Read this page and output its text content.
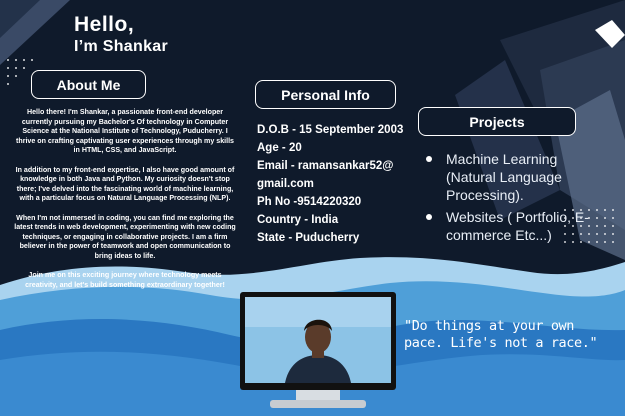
Hello,
I’m Shankar
About Me

Hello there! I'm Shankar, a passionate front-end developer currently pursuing my Bachelor's Of technology in Computer Science at the National Institute of Technology, Puducherry. I thrive on crafting captivating user experiences through my skills in HTML, CSS, and JavaScript.

In addition to my front-end expertise, I also have good amount of knowledge in both Java and Python. My curiosity doesn't stop there; I've delved into the fascinating world of machine learning, with a particular focus on Natural Language Processing (NLP).

When I'm not immersed in coding, you can find me exploring the latest trends in web development, experimenting with new coding techniques, or engaging in collaborative projects. I am a firm believer in the power of teamwork and open communication to bring ideas to life.

Join me on this exciting journey where technology meets creativity, and let's build something extraordinary together!

Personal Info
D.O.B - 15 September 2003
Age - 20
Email - ramansankar52@ gmail.com
Ph No -9514220320
Country - India
State - Puducherry
Projects
Machine Learning (Natural Language Processing).
Websites ( Portfolio, E-commerce Etc...)
"Do things at your own pace. Life's not a race."
